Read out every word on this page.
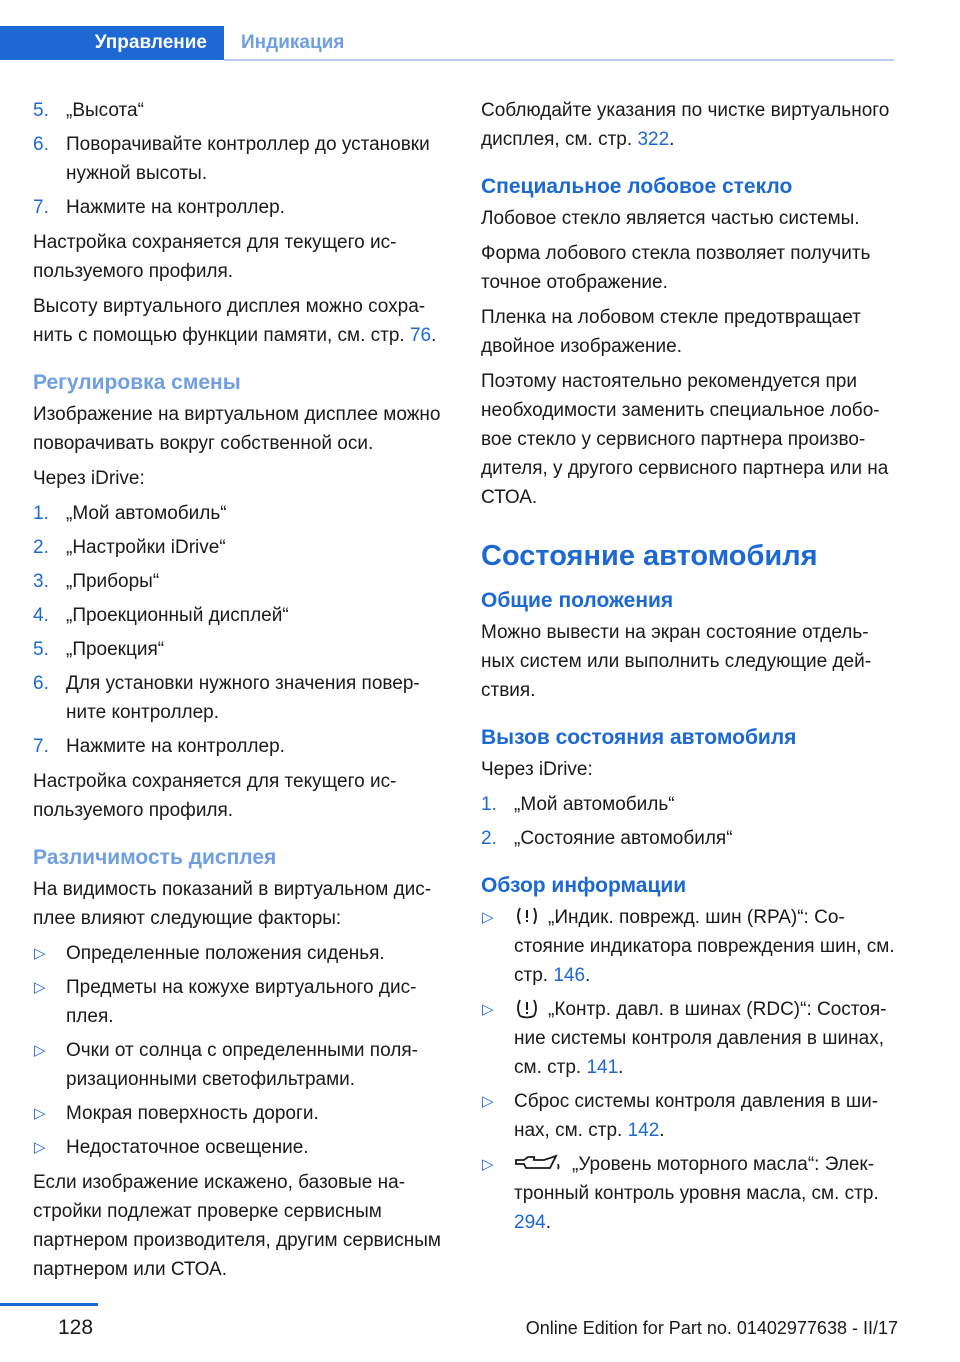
Управление	Индикация
5. „Высота“
6. Поворачивайте контроллер до установки нужной высоты.
7. Нажмите на контроллер.

Настройка сохраняется для текущего используемого профиля.

Высоту виртуального дисплея можно сохранить с помощью функции памяти, см. стр. 76.

Регулировка смены

Изображение на виртуальном дисплее можно поворачивать вокруг собственной оси.

Через iDrive:

1. „Мой автомобиль“
2. „Настройки iDrive“
3. „Приборы“
4. „Проекционный дисплей“
5. „Проекция“
6. Для установки нужного значения поверните контроллер.
7. Нажмите на контроллер.

Настройка сохраняется для текущего используемого профиля.

Различимость дисплея

На видимость показаний в виртуальном дисплее влияют следующие факторы:

▷ Определенные положения сиденья.
▷ Предметы на кожухе виртуального дисплея.
▷ Очки от солнца с определенными поляризационными светофильтрами.
▷ Мокрая поверхность дороги.
▷ Недостаточное освещение.

Если изображение искажено, базовые настройки подлежат проверке сервисным партнером производителя, другим сервисным партнером или СТОА.

Соблюдайте указания по чистке виртуального дисплея, см. стр. 322.

Специальное лобовое стекло

Лобовое стекло является частью системы.

Форма лобового стекла позволяет получить точное отображение.

Пленка на лобовом стекле предотвращает двойное изображение.

Поэтому настоятельно рекомендуется при необходимости заменить специальное лобовое стекло у сервисного партнера производителя, у другого сервисного партнера или на СТОА.

Состояние автомобиля
Общие положения

Можно вывести на экран состояние отдельных систем или выполнить следующие действия.

Вызов состояния автомобиля

Через iDrive:

1. „Мой автомобиль“
2. „Состояние автомобиля“
Обзор информации
▷	„Индик. поврежд. шин (RPA)“: Состояние индикатора повреждения шин, см. стр. 146.
▷	„Контр. давл. в шинах (RDC)“: Состояние системы контроля давления в шинах, см. стр. 141.
▷ Сброс системы контроля давления в шинах, см. стр. 142.
▷	„Уровень моторного масла“: Электронный контроль уровня масла, см. стр. 294.
128	Online Edition for Part no. 01402977638 - II/17
